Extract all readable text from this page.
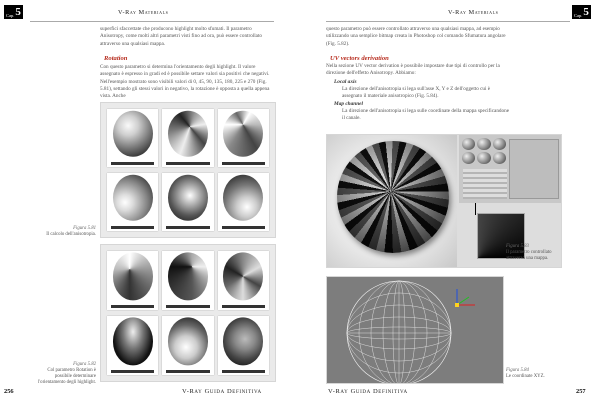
Cap. 5	V-Ray Materials
superfici sfaccettate che producono highlight molto sfumati. Il parametro Anisotropy, come molti altri parametri visti fino ad ora, può essere controllato attraverso una qualsiasi mappa.
Rotation
Con questo parametro si determina l'orientamento degli highlight. Il valore assegnato è espresso in gradi ed è possibile settare valori sia positivi che negativi. Nell'esempio mostrato sono visibili valori di 0, 45, 90, 135, 180, 225 e 270 (Fig. 5.81), settando gli stessi valori in negativo, la rotazione è opposta a quella appena vista. Anche
Figura 5.81
Il calcolo dell'anisotropia.
Figura 5.82
Col parametro Rotation è possibile determinare l'orientamento degli highlight.
256	V-Ray Guida Definitiva
V-Ray Materials	Cap. 5
questo parametro può essere controllato attraverso una qualsiasi mappa, ad esempio utilizzando una semplice bitmap creata in Photoshop col comando Sfumatura angolare (Fig. 5.82).
UV vectors derivation
Nella sezione UV vector derivation è possibile impostare due tipi di controllo per la direzione dell'effetto Anisotropy. Abbiamo:
Local axis
La direzione dell'anisotropia si lega sull'asse X, Y e Z dell'oggetto cui è assegnato il materiale anisotropico (Fig. 5.84).
Map channel
La direzione dell'anisotropia si lega sulle coordinate della mappa specificandone il canale.
Figura 5.83
Il parametro controllato attraverso una mappa.
Figura 5.84
Le coordinate XYZ.
V-Ray Guida Definitiva	257
